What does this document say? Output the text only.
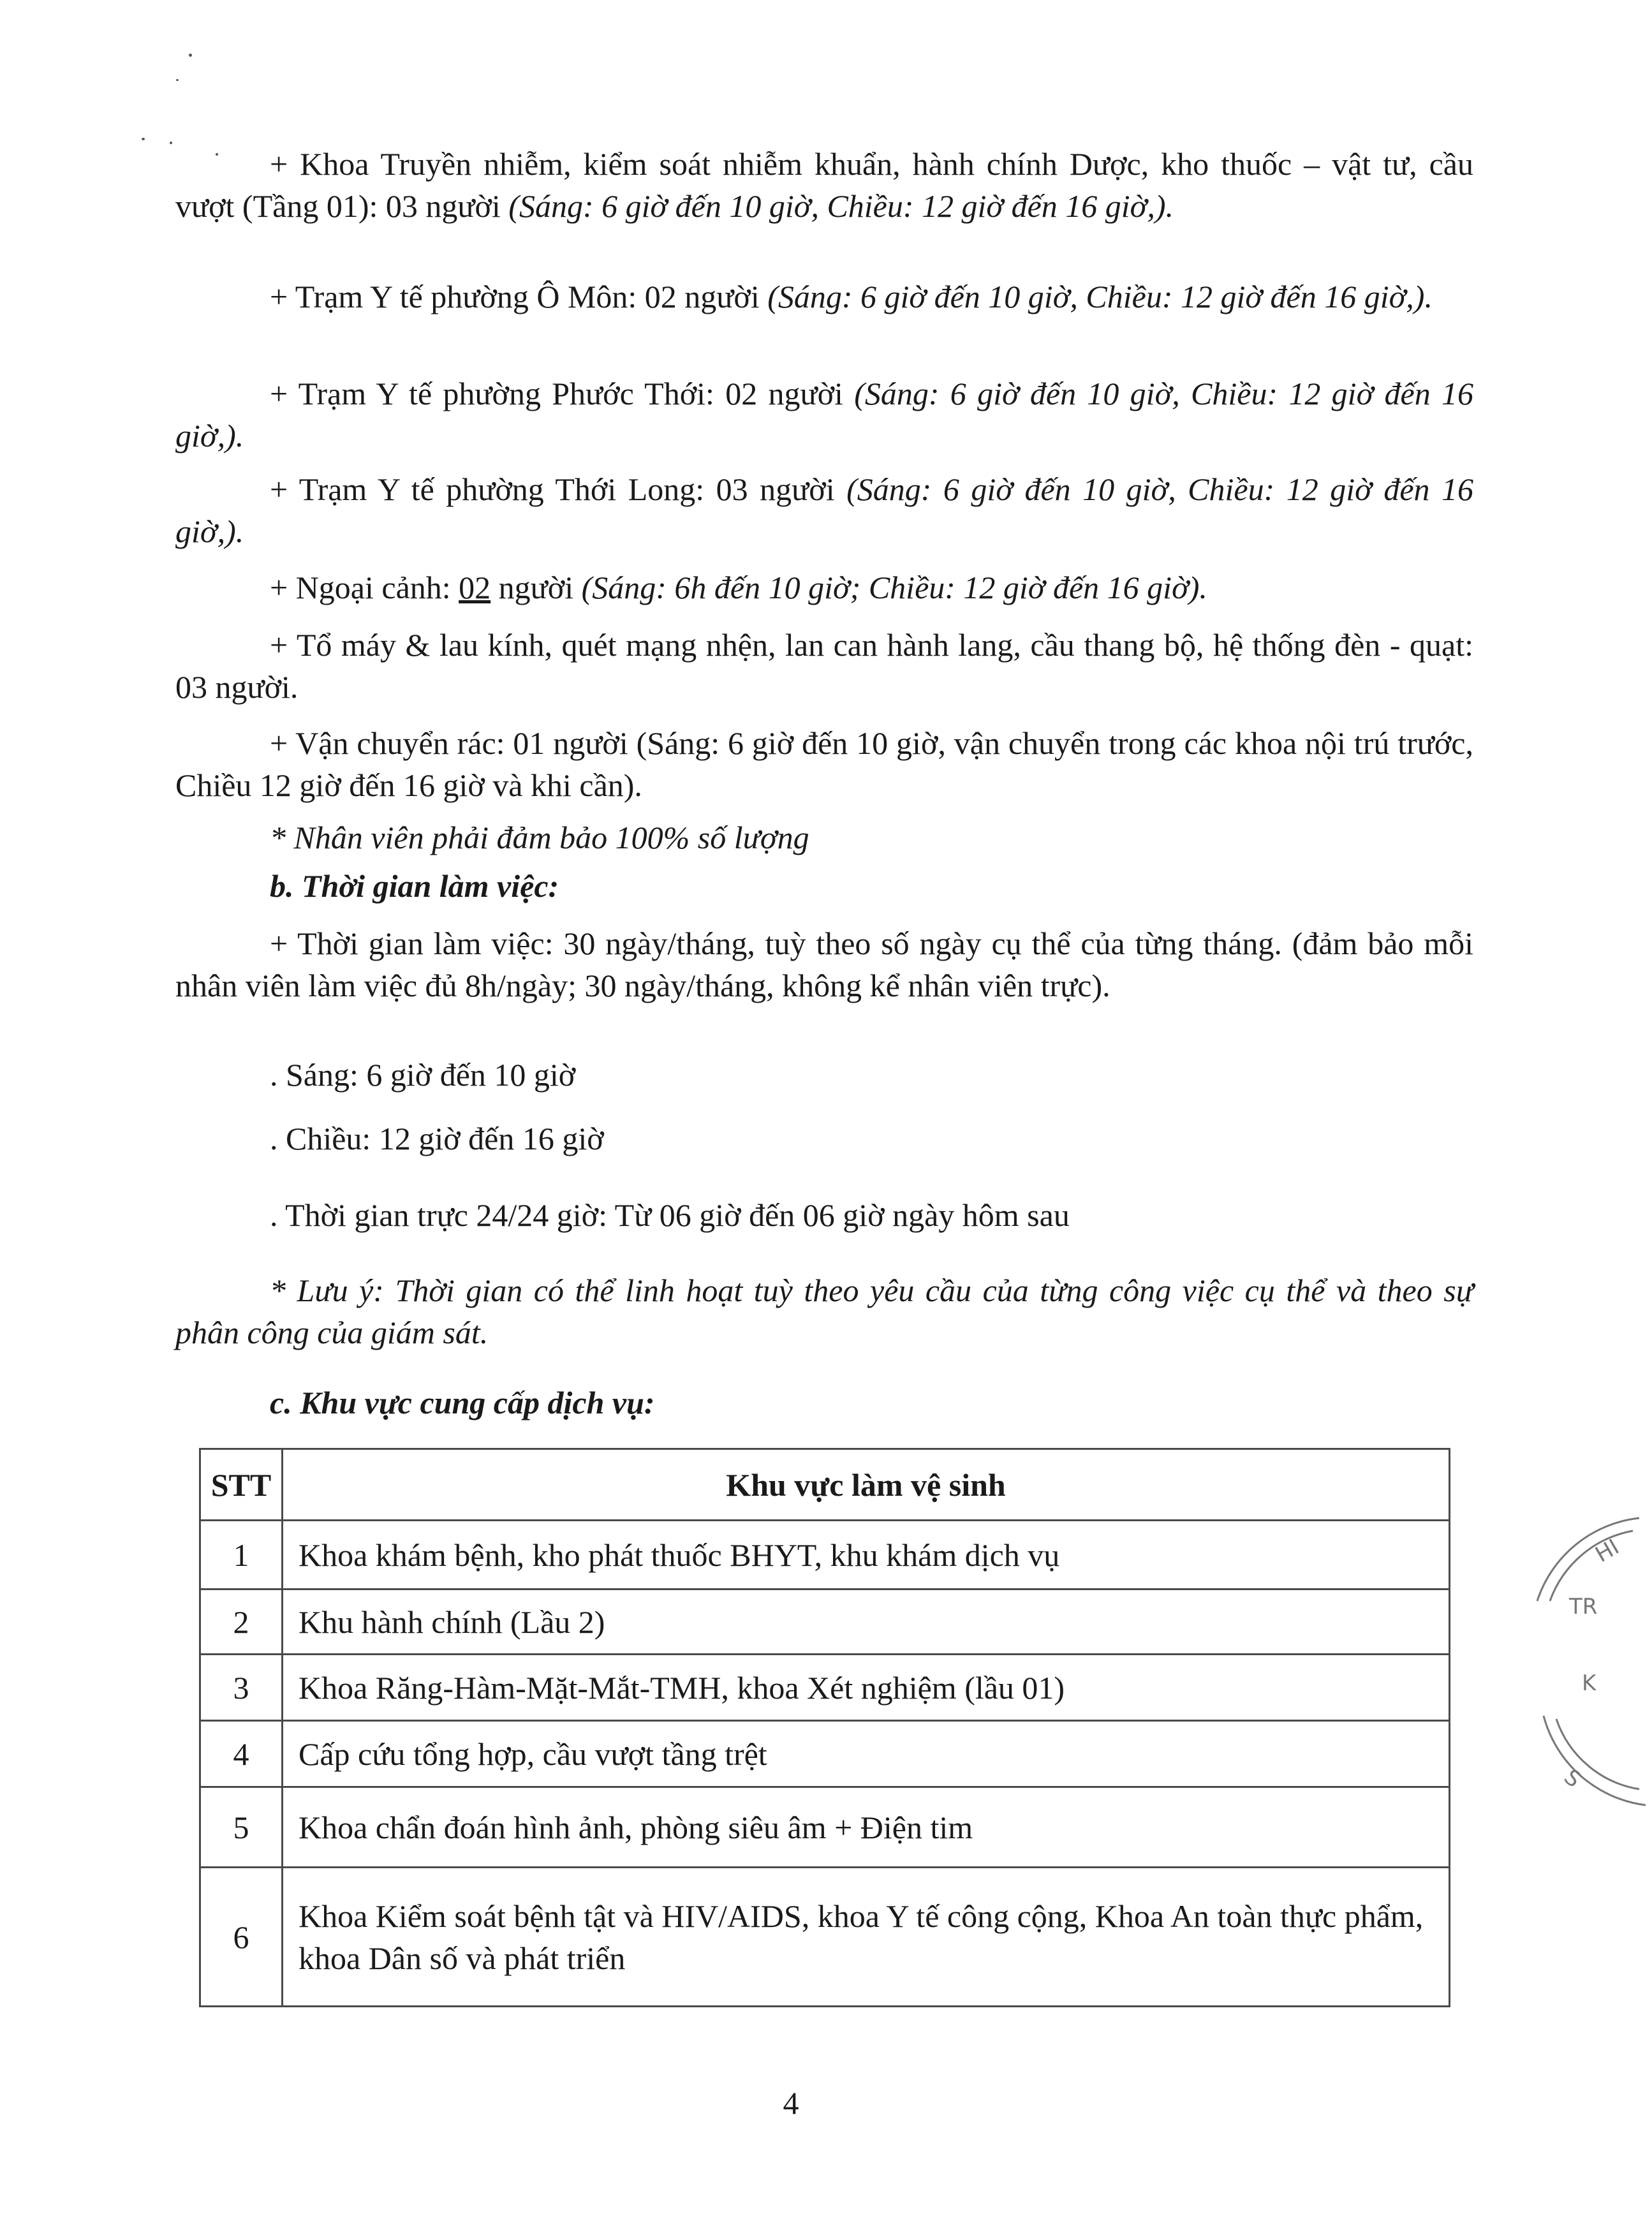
+ Khoa Truyền nhiễm, kiểm soát nhiễm khuẩn, hành chính Dược, kho thuốc – vật tư, cầu vượt (Tầng 01): 03 người (Sáng: 6 giờ đến 10 giờ, Chiều: 12 giờ đến 16 giờ,).

+ Trạm Y tế phường Ô Môn: 02 người (Sáng: 6 giờ đến 10 giờ, Chiều: 12 giờ đến 16 giờ,).

+ Trạm Y tế phường Phước Thới: 02 người (Sáng: 6 giờ đến 10 giờ, Chiều: 12 giờ đến 16 giờ,).

+ Trạm Y tế phường Thới Long: 03 người (Sáng: 6 giờ đến 10 giờ, Chiều: 12 giờ đến 16 giờ,).

+ Ngoại cảnh: 02 người (Sáng: 6h đến 10 giờ; Chiều: 12 giờ đến 16 giờ).

+ Tổ máy & lau kính, quét mạng nhện, lan can hành lang, cầu thang bộ, hệ thống đèn - quạt: 03 người.

+ Vận chuyển rác: 01 người (Sáng: 6 giờ đến 10 giờ, vận chuyển trong các khoa nội trú trước, Chiều 12 giờ đến 16 giờ và khi cần).

* Nhân viên phải đảm bảo 100% số lượng

b. Thời gian làm việc:

+ Thời gian làm việc: 30 ngày/tháng, tuỳ theo số ngày cụ thể của từng tháng. (đảm bảo mỗi nhân viên làm việc đủ 8h/ngày; 30 ngày/tháng, không kể nhân viên trực).

. Sáng: 6 giờ đến 10 giờ

. Chiều: 12 giờ đến 16 giờ

. Thời gian trực 24/24 giờ: Từ 06 giờ đến 06 giờ ngày hôm sau

* Lưu ý: Thời gian có thể linh hoạt tuỳ theo yêu cầu của từng công việc cụ thể và theo sự phân công của giám sát.

c. Khu vực cung cấp dịch vụ:

STT	Khu vực làm vệ sinh
1	Khoa khám bệnh, kho phát thuốc BHYT, khu khám dịch vụ
2	Khu hành chính (Lầu 2)
3	Khoa Răng-Hàm-Mặt-Mắt-TMH, khoa Xét nghiệm (lầu 01)
4	Cấp cứu tổng hợp, cầu vượt tầng trệt
5	Khoa chẩn đoán hình ảnh, phòng siêu âm + Điện tim
6	Khoa Kiểm soát bệnh tật và HIV/AIDS, khoa Y tế công cộng, Khoa An toàn thực phẩm, khoa Dân số và phát triển
4
HI
TR
K
S
